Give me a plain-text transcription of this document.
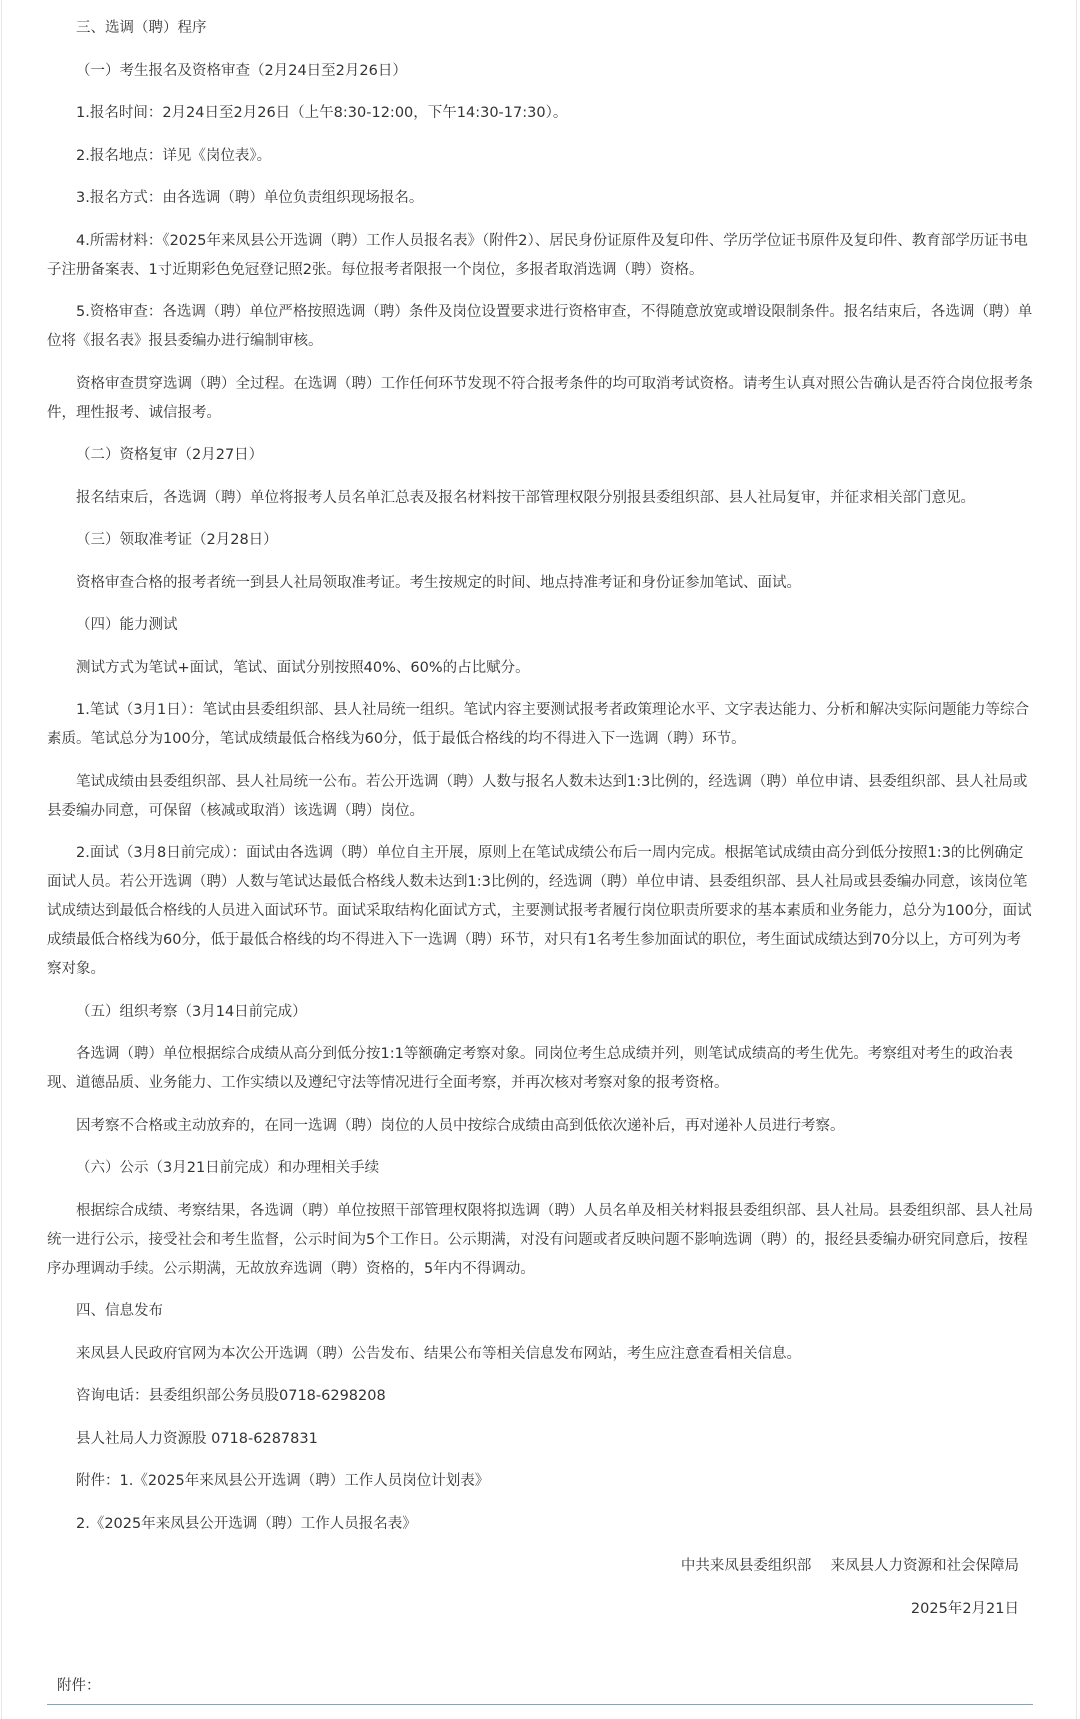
三、选调（聘）程序

（一）考生报名及资格审查（2月24日至2月26日）

1.报名时间：2月24日至2月26日（上午8:30-12:00，下午14:30-17:30）。

2.报名地点：详见《岗位表》。

3.报名方式：由各选调（聘）单位负责组织现场报名。

4.所需材料：《2025年来凤县公开选调（聘）工作人员报名表》（附件2）、居民身份证原件及复印件、学历学位证书原件及复印件、教育部学历证书电子注册备案表、1寸近期彩色免冠登记照2张。每位报考者限报一个岗位，多报者取消选调（聘）资格。

5.资格审查：各选调（聘）单位严格按照选调（聘）条件及岗位设置要求进行资格审查，不得随意放宽或增设限制条件。报名结束后，各选调（聘）单位将《报名表》报县委编办进行编制审核。

资格审查贯穿选调（聘）全过程。在选调（聘）工作任何环节发现不符合报考条件的均可取消考试资格。请考生认真对照公告确认是否符合岗位报考条件，理性报考、诚信报考。

（二）资格复审（2月27日）

报名结束后，各选调（聘）单位将报考人员名单汇总表及报名材料按干部管理权限分别报县委组织部、县人社局复审，并征求相关部门意见。

（三）领取准考证（2月28日）

资格审查合格的报考者统一到县人社局领取准考证。考生按规定的时间、地点持准考证和身份证参加笔试、面试。

（四）能力测试

测试方式为笔试+面试，笔试、面试分别按照40%、60%的占比赋分。

1.笔试（3月1日）：笔试由县委组织部、县人社局统一组织。笔试内容主要测试报考者政策理论水平、文字表达能力、分析和解决实际问题能力等综合素质。笔试总分为100分，笔试成绩最低合格线为60分，低于最低合格线的均不得进入下一选调（聘）环节。

笔试成绩由县委组织部、县人社局统一公布。若公开选调（聘）人数与报名人数未达到1:3比例的，经选调（聘）单位申请、县委组织部、县人社局或县委编办同意，可保留（核减或取消）该选调（聘）岗位。

2.面试（3月8日前完成）：面试由各选调（聘）单位自主开展，原则上在笔试成绩公布后一周内完成。根据笔试成绩由高分到低分按照1:3的比例确定面试人员。若公开选调（聘）人数与笔试达最低合格线人数未达到1:3比例的，经选调（聘）单位申请、县委组织部、县人社局或县委编办同意，该岗位笔试成绩达到最低合格线的人员进入面试环节。面试采取结构化面试方式，主要测试报考者履行岗位职责所要求的基本素质和业务能力，总分为100分，面试成绩最低合格线为60分，低于最低合格线的均不得进入下一选调（聘）环节，对只有1名考生参加面试的职位，考生面试成绩达到70分以上，方可列为考察对象。

（五）组织考察（3月14日前完成）

各选调（聘）单位根据综合成绩从高分到低分按1:1等额确定考察对象。同岗位考生总成绩并列，则笔试成绩高的考生优先。考察组对考生的政治表现、道德品质、业务能力、工作实绩以及遵纪守法等情况进行全面考察，并再次核对考察对象的报考资格。

因考察不合格或主动放弃的，在同一选调（聘）岗位的人员中按综合成绩由高到低依次递补后，再对递补人员进行考察。

（六）公示（3月21日前完成）和办理相关手续

根据综合成绩、考察结果，各选调（聘）单位按照干部管理权限将拟选调（聘）人员名单及相关材料报县委组织部、县人社局。县委组织部、县人社局统一进行公示，接受社会和考生监督，公示时间为5个工作日。公示期满，对没有问题或者反映问题不影响选调（聘）的，报经县委编办研究同意后，按程序办理调动手续。公示期满，无故放弃选调（聘）资格的，5年内不得调动。

四、信息发布

来凤县人民政府官网为本次公开选调（聘）公告发布、结果公布等相关信息发布网站，考生应注意查看相关信息。

咨询电话：县委组织部公务员股0718-6298208

县人社局人力资源股 0718-6287831

附件：1.《2025年来凤县公开选调（聘）工作人员岗位计划表》

2.《2025年来凤县公开选调（聘）工作人员报名表》

中共来凤县委组织部　 来凤县人力资源和社会保障局

2025年2月21日

附件：
